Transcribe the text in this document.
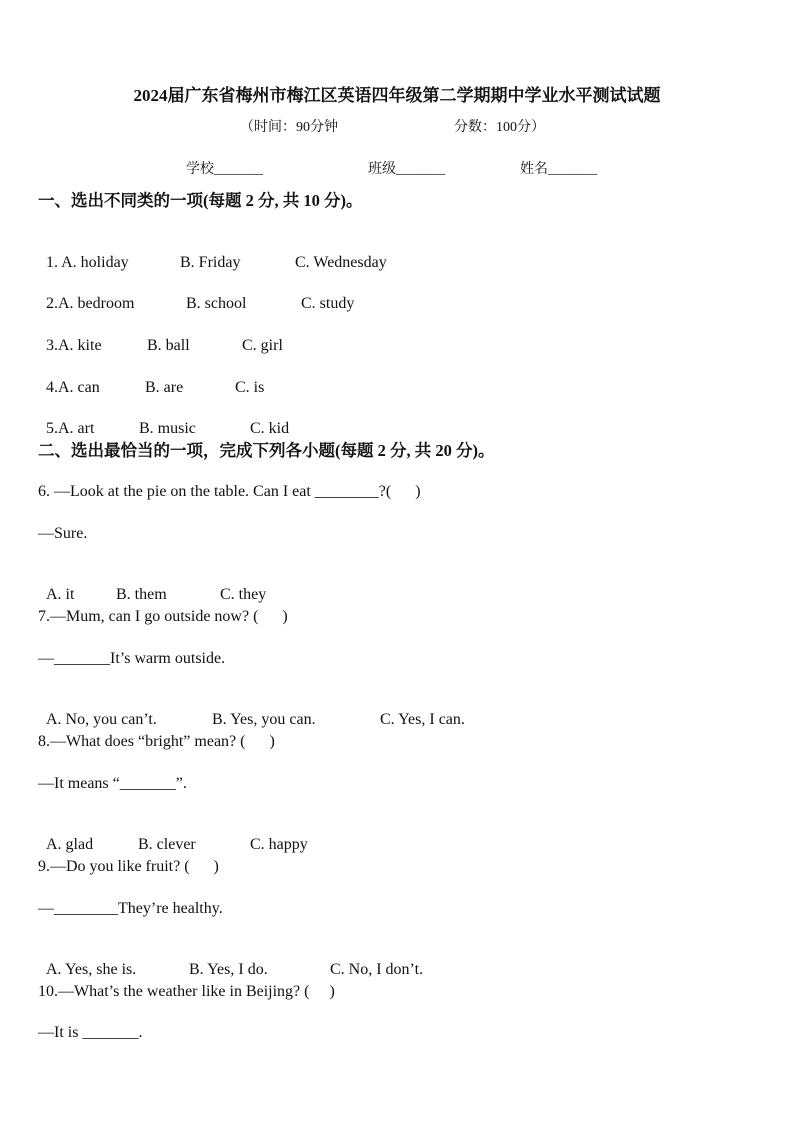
2024届广东省梅州市梅江区英语四年级第二学期期中学业水平测试试题
（时间：90分钟	分数：100分）
学校_______	班级_______	姓名_______
一、选出不同类的一项(每题 2 分, 共 10 分)。

1. A. holiday	B. Friday	C. Wednesday

2.A. bedroom	B. school	C. study

3.A. kite	B. ball	C. girl

4.A. can	B. are	C. is

5.A. art	B. music	C. kid

二、选出最恰当的一项，完成下列各小题(每题 2 分, 共 20 分)。
6. —Look at the pie on the table. Can I eat ________?(      )
—Sure.

A. it	B. them	C. they

7.—Mum, can I go outside now? (      )
—_______It’s warm outside.

A. No, you can’t.	B. Yes, you can.	C. Yes, I can.

8.—What does “bright” mean? (      )
—It means “_______”.

A. glad	B. clever	C. happy

9.—Do you like fruit? (      )
—________They’re healthy.

A. Yes, she is.	B. Yes, I do.	C. No, I don’t.

10.—What’s the weather like in Beijing? (     )
—It is _______.
